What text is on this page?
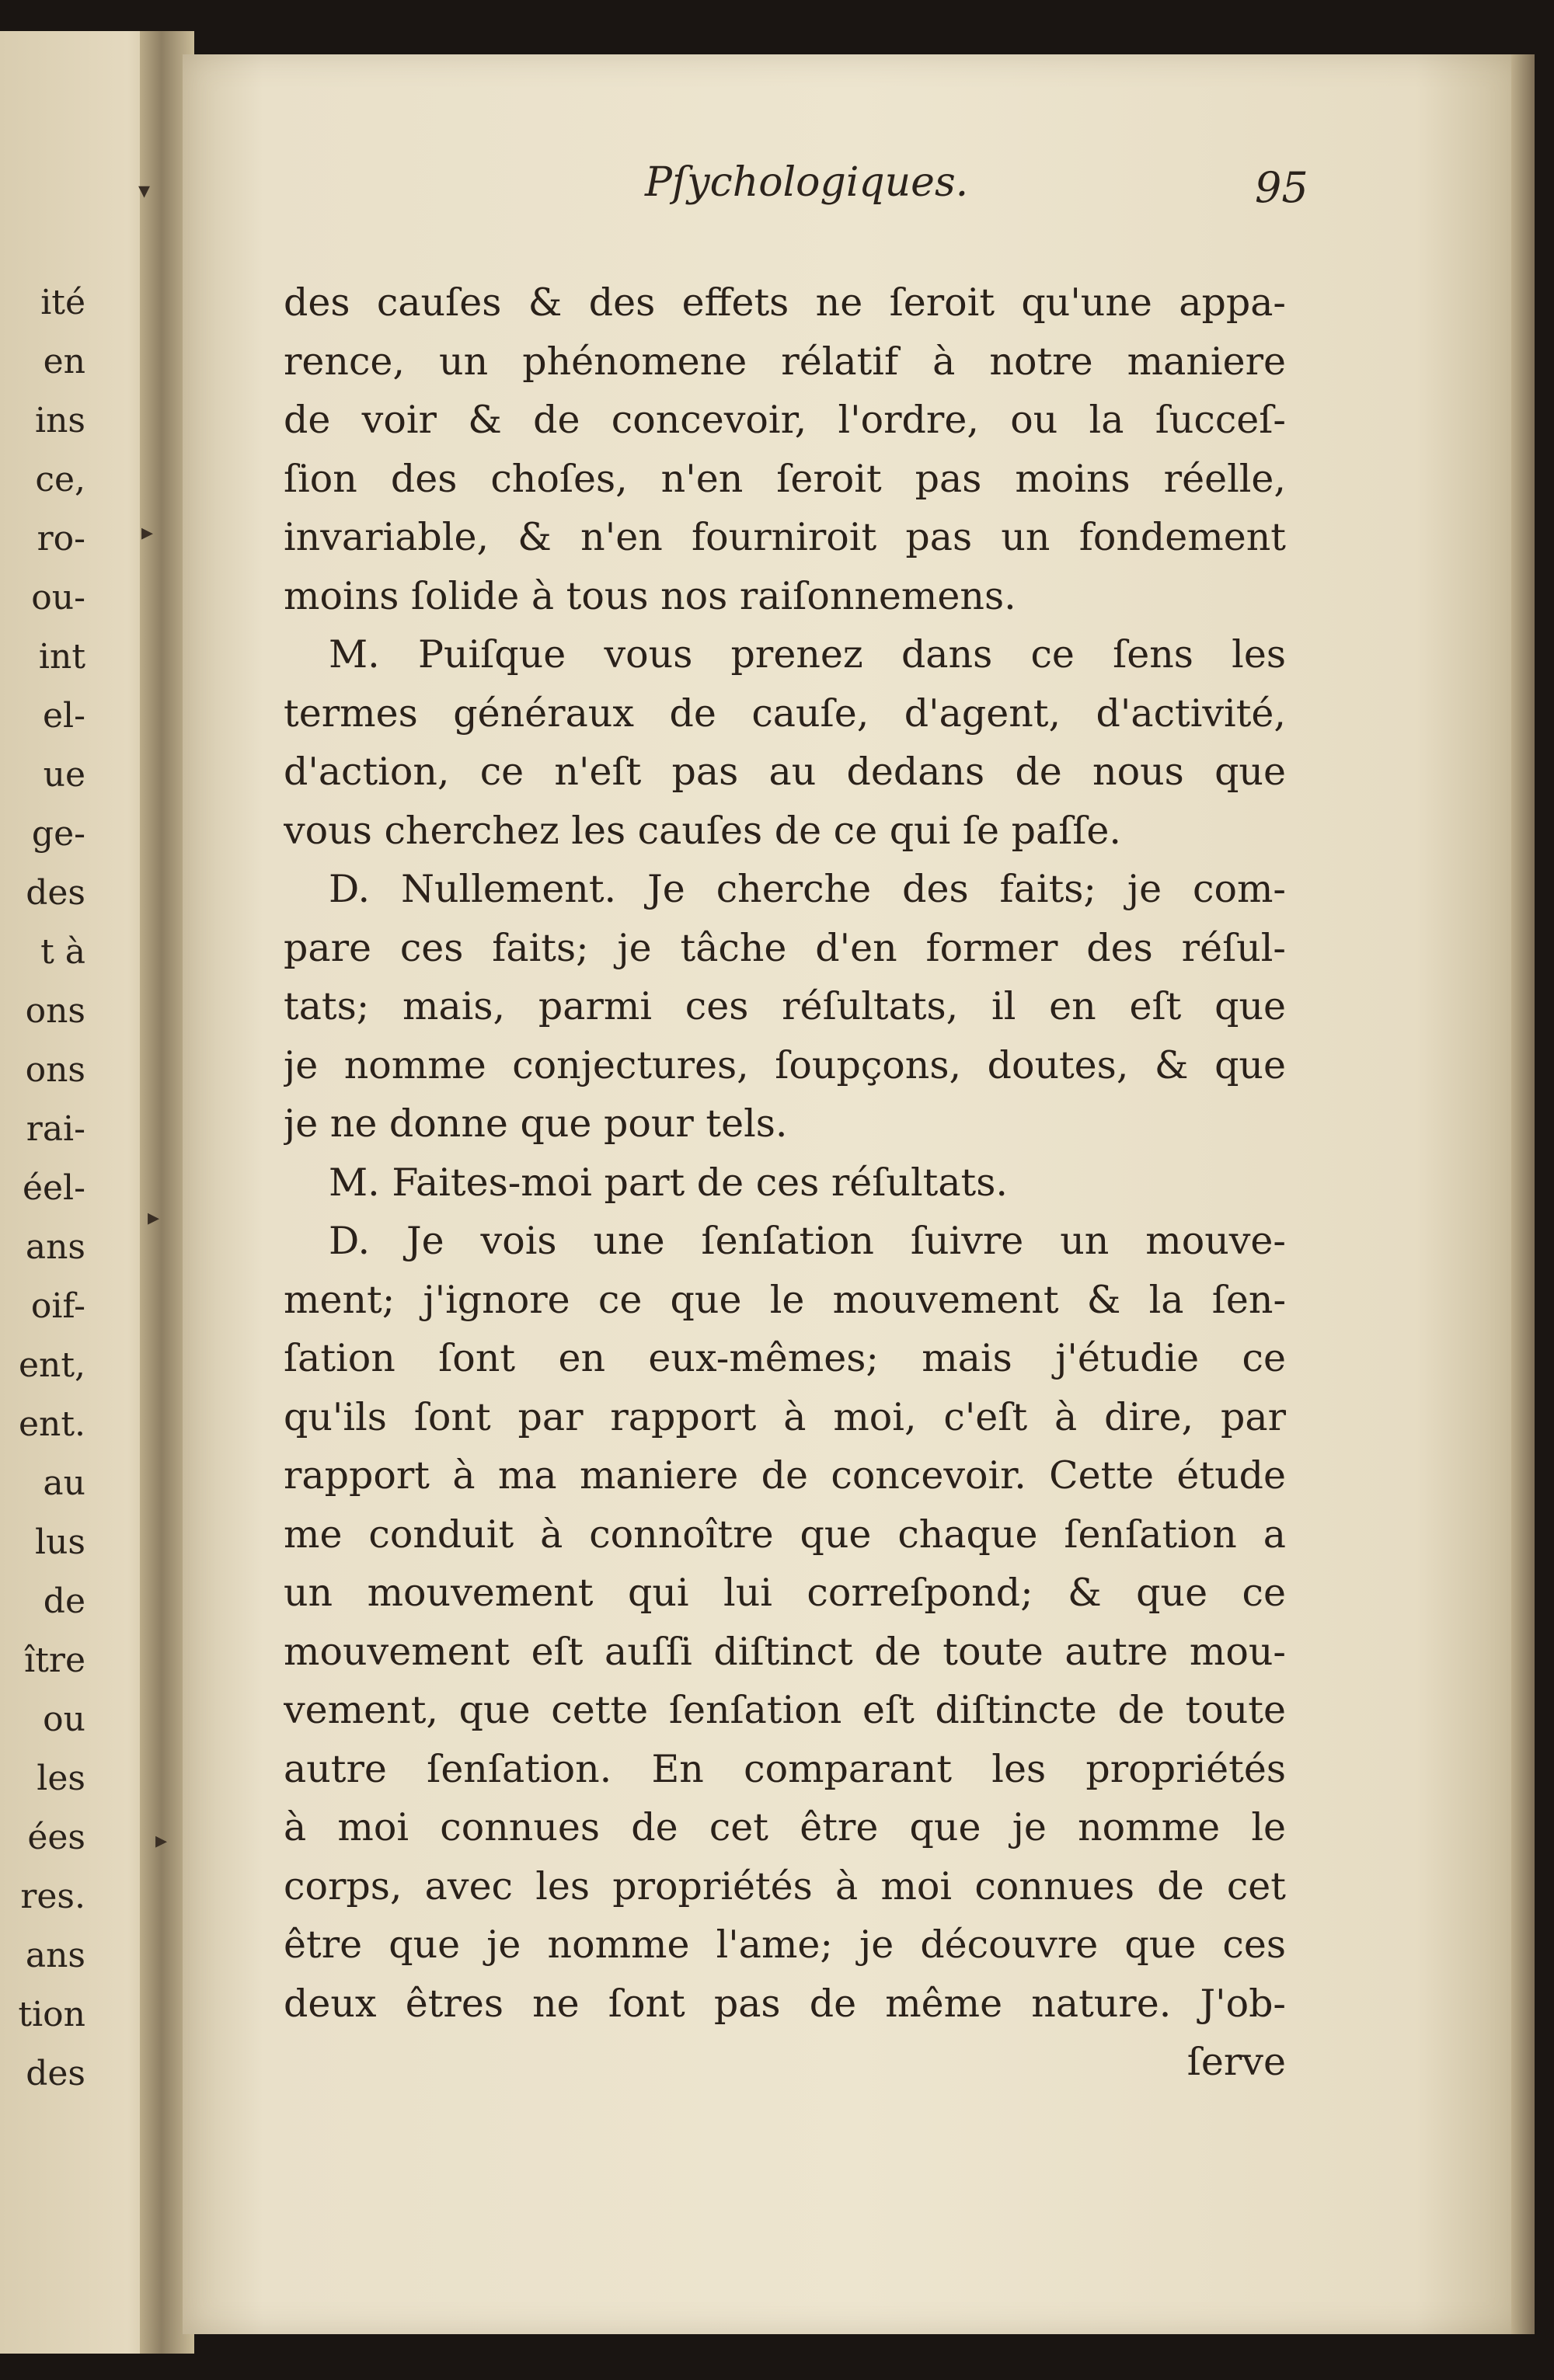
ité
en
ins
ce,
ro-
ou-
int
el-
ue
ge-
des
t à
ons
ons
rai-
éel-
ans
oif-
ent,
ent.
au
lus
de
ître
ou
les
ées
res.
ans
tion
des
▾
▸
▸
▸
Pſychologiques.	95
des cauſes & des effets ne ſeroit qu'une appa-
rence, un phénomene rélatif à notre maniere
de voir & de concevoir, l'ordre, ou la ſucceſ-
ſion des choſes, n'en ſeroit pas moins réelle,
invariable, & n'en fourniroit pas un fondement
moins ſolide à tous nos raiſonnemens.
M. Puiſque vous prenez dans ce ſens les
termes généraux de cauſe, d'agent, d'activité,
d'action, ce n'eſt pas au dedans de nous que
vous cherchez les cauſes de ce qui ſe paſſe.
D. Nullement. Je cherche des faits; je com-
pare ces faits; je tâche d'en former des réſul-
tats; mais, parmi ces réſultats, il en eſt que
je nomme conjectures, ſoupçons, doutes, & que
je ne donne que pour tels.
M. Faites-moi part de ces réſultats.
D. Je vois une ſenſation ſuivre un mouve-
ment; j'ignore ce que le mouvement & la ſen-
ſation ſont en eux-mêmes; mais j'étudie ce
qu'ils ſont par rapport à moi, c'eſt à dire, par
rapport à ma maniere de concevoir. Cette étude
me conduit à connoître que chaque ſenſation a
un mouvement qui lui correſpond; & que ce
mouvement eſt auſſi diſtinct de toute autre mou-
vement, que cette ſenſation eſt diſtincte de toute
autre ſenſation. En comparant les propriétés
à moi connues de cet être que je nomme le
corps, avec les propriétés à moi connues de cet
être que je nomme l'ame; je découvre que ces
deux êtres ne ſont pas de même nature. J'ob-
ſerve
